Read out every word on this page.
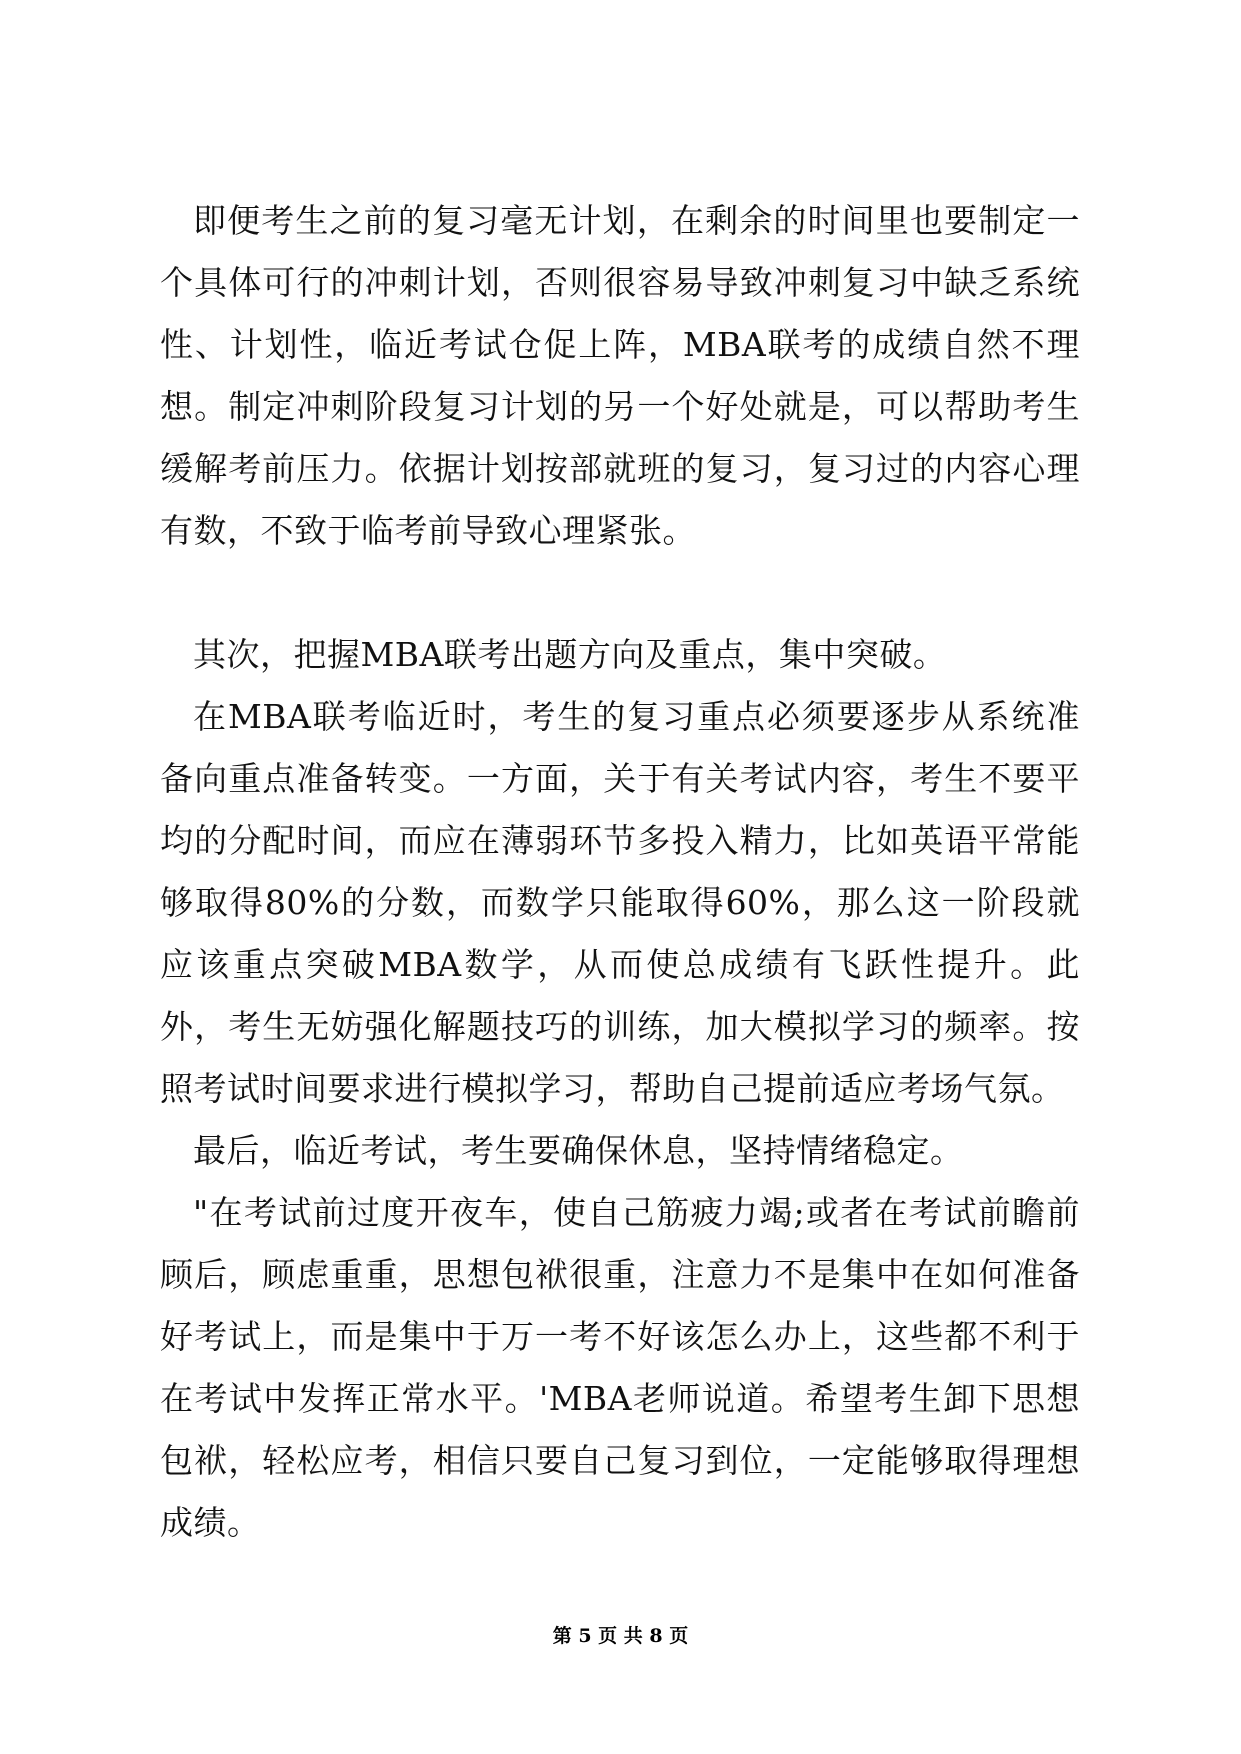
即便考生之前的复习毫无计划，在剩余的时间里也要制定一个具体可行的冲刺计划，否则很容易导致冲刺复习中缺乏系统性、计划性，临近考试仓促上阵，MBA联考的成绩自然不理想。制定冲刺阶段复习计划的另一个好处就是，可以帮助考生缓解考前压力。依据计划按部就班的复习，复习过的内容心理有数，不致于临考前导致心理紧张。

其次，把握MBA联考出题方向及重点，集中突破。

在MBA联考临近时，考生的复习重点必须要逐步从系统准备向重点准备转变。一方面，关于有关考试内容，考生不要平均的分配时间，而应在薄弱环节多投入精力，比如英语平常能够取得80%的分数，而数学只能取得60%，那么这一阶段就应该重点突破MBA数学，从而使总成绩有飞跃性提升。此外，考生无妨强化解题技巧的训练，加大模拟学习的频率。按照考试时间要求进行模拟学习，帮助自己提前适应考场气氛。

最后，临近考试，考生要确保休息，坚持情绪稳定。

"在考试前过度开夜车，使自己筋疲力竭;或者在考试前瞻前顾后，顾虑重重，思想包袱很重，注意力不是集中在如何准备好考试上，而是集中于万一考不好该怎么办上，这些都不利于在考试中发挥正常水平。'MBA老师说道。希望考生卸下思想包袱，轻松应考，相信只要自己复习到位，一定能够取得理想成绩。

第 5 页 共 8 页
